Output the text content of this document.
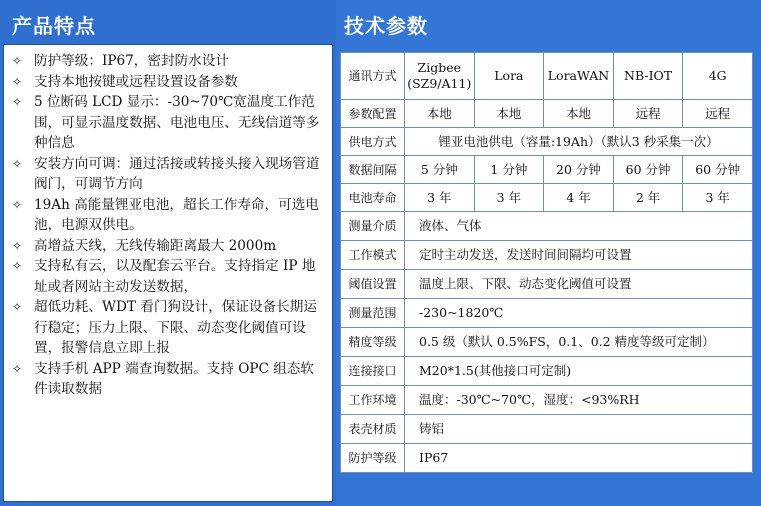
产品特点
✧ 防护等级：IP67，密封防水设计
✧ 支持本地按键或远程设置设备参数
✧ 5 位断码 LCD 显示：-30~70℃宽温度工作范围，可显示温度数据、电池电压、无线信道等多种信息
✧ 安装方向可调：通过活接或转接头接入现场管道阀门，可调节方向
✧ 19Ah 高能量锂亚电池，超长工作寿命，可选电池，电源双供电。
✧ 高增益天线，无线传输距离最大 2000m
✧ 支持私有云，以及配套云平台。支持指定 IP 地址或者网站主动发送数据，
✧ 超低功耗、WDT 看门狗设计，保证设备长期运行稳定；压力上限、下限、动态变化阈值可设置，报警信息立即上报
✧ 支持手机 APP 端查询数据。支持 OPC 组态软件读取数据
技术参数
通讯方式	Zigbee (SZ9/A11)	Lora	LoraWAN	NB-IOT	4G
参数配置	本地	本地	本地	远程	远程
供电方式	锂亚电池供电（容量:19Ah）（默认3 秒采集一次）				
数据间隔	5 分钟	1 分钟	20 分钟	60 分钟	60 分钟
电池寿命	3 年	3 年	4 年	2 年	3 年
测量介质	液体、气体				
工作模式	定时主动发送，发送时间间隔均可设置				
阈值设置	温度上限、下限、动态变化阈值可设置				
测量范围	-230~1820℃				
精度等级	0.5 级（默认 0.5%FS，0.1、0.2 精度等级可定制）				
连接接口	M20*1.5(其他接口可定制)				
工作环境	温度：-30℃~70℃，湿度：<93%RH				
表壳材质	铸铝				
防护等级	IP67				
